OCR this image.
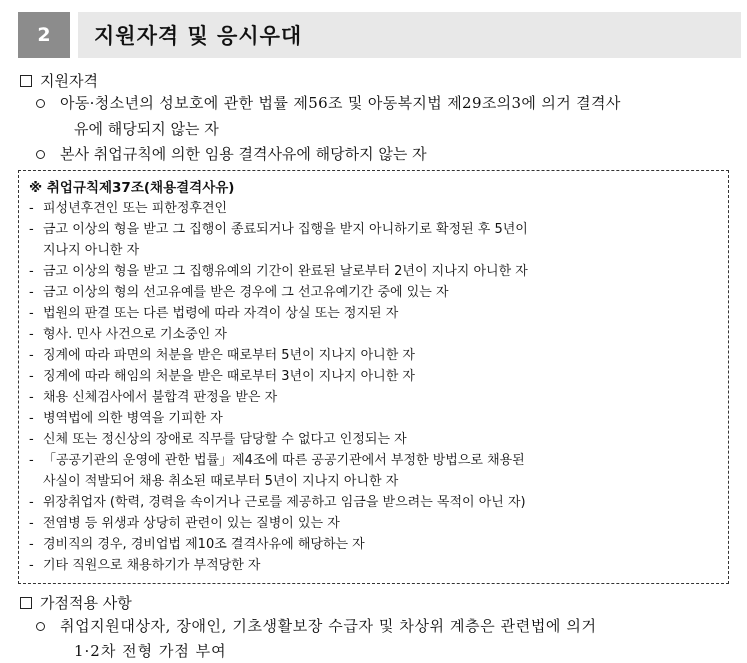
2	지원자격 및 응시우대
지원자격
아동·청소년의 성보호에 관한 법률 제56조 및 아동복지법 제29조의3에 의거 결격사
유에 해당되지 않는 자
본사 취업규칙에 의한 임용 결격사유에 해당하지 않는 자
※ 취업규칙제37조(채용결격사유)
- 피성년후견인 또는 피한정후견인
- 금고 이상의 형을 받고 그 집행이 종료되거나 집행을 받지 아니하기로 확정된 후 5년이
지나지 아니한 자
- 금고 이상의 형을 받고 그 집행유예의 기간이 완료된 날로부터 2년이 지나지 아니한 자
- 금고 이상의 형의 선고유예를 받은 경우에 그 선고유예기간 중에 있는 자
- 법원의 판결 또는 다른 법령에 따라 자격이 상실 또는 정지된 자
- 형사. 민사 사건으로 기소중인 자
- 징계에 따라 파면의 처분을 받은 때로부터 5년이 지나지 아니한 자
- 징계에 따라 해임의 처분을 받은 때로부터 3년이 지나지 아니한 자
- 채용 신체검사에서 불합격 판정을 받은 자
- 병역법에 의한 병역을 기피한 자
- 신체 또는 정신상의 장애로 직무를 담당할 수 없다고 인정되는 자
- 「공공기관의 운영에 관한 법률」제4조에 따른 공공기관에서 부정한 방법으로 채용된
사실이 적발되어 채용 취소된 때로부터 5년이 지나지 아니한 자
- 위장취업자 (학력, 경력을 속이거나 근로를 제공하고 임금을 받으려는 목적이 아닌 자)
- 전염병 등 위생과 상당히 관련이 있는 질병이 있는 자
- 경비직의 경우, 경비업법 제10조 결격사유에 해당하는 자
- 기타 직원으로 채용하기가 부적당한 자
가점적용 사항
취업지원대상자, 장애인, 기초생활보장 수급자 및 차상위 계층은 관련법에 의거
1·2차 전형 가점 부여
